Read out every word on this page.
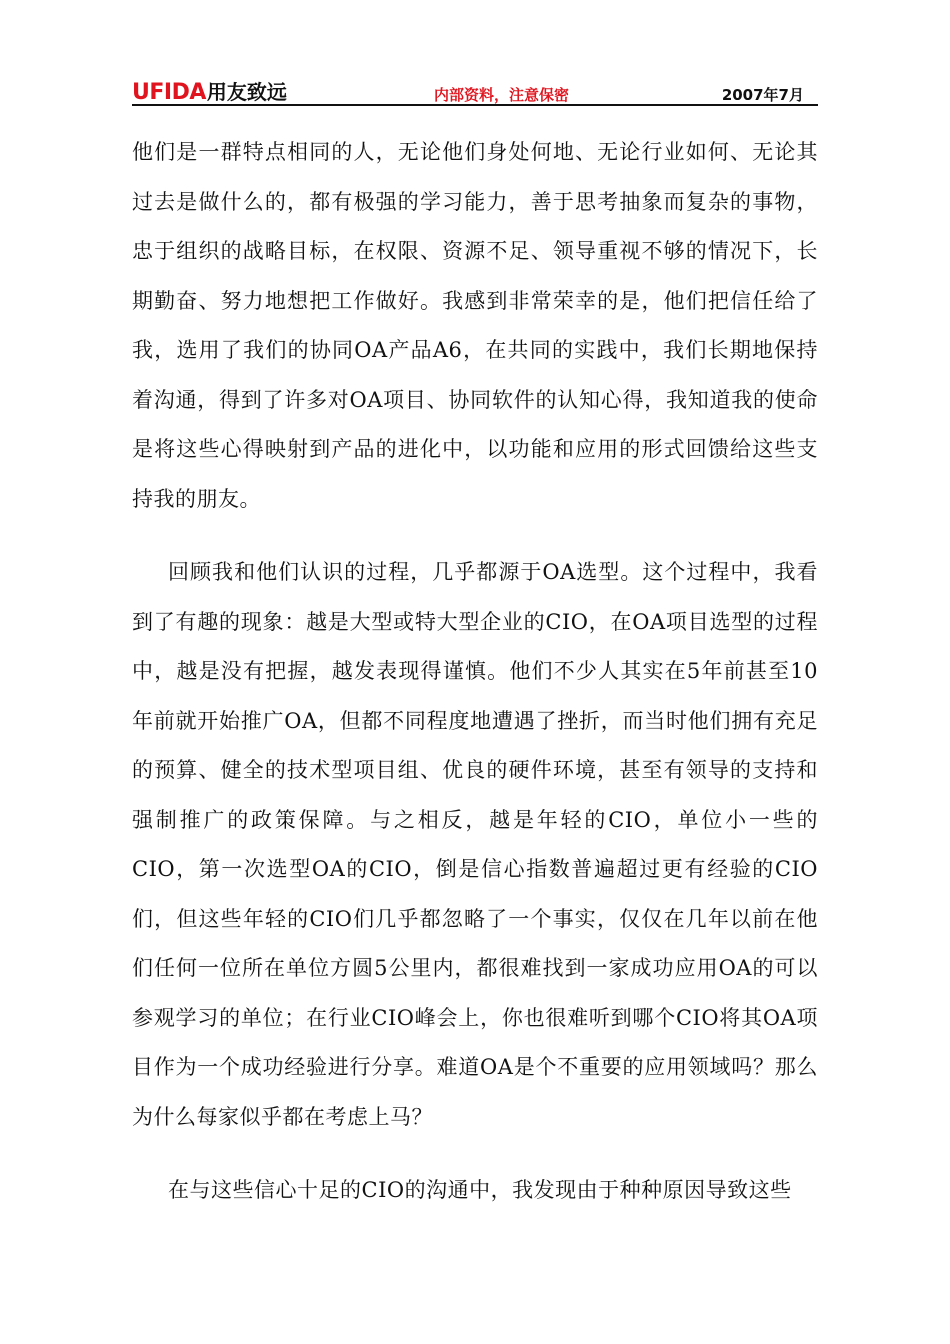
UFIDA 用友致远	内部资料，注意保密	2007年7月

他们是一群特点相同的人，无论他们身处何地、无论行业如何、无论其过去是做什么的，都有极强的学习能力，善于思考抽象而复杂的事物，忠于组织的战略目标，在权限、资源不足、领导重视不够的情况下，长期勤奋、努力地想把工作做好。我感到非常荣幸的是，他们把信任给了我，选用了我们的协同OA产品A6，在共同的实践中，我们长期地保持着沟通，得到了许多对OA项目、协同软件的认知心得，我知道我的使命是将这些心得映射到产品的进化中，以功能和应用的形式回馈给这些支持我的朋友。

回顾我和他们认识的过程，几乎都源于OA选型。这个过程中，我看到了有趣的现象：越是大型或特大型企业的CIO，在OA项目选型的过程中，越是没有把握，越发表现得谨慎。他们不少人其实在5年前甚至10年前就开始推广OA，但都不同程度地遭遇了挫折，而当时他们拥有充足的预算、健全的技术型项目组、优良的硬件环境，甚至有领导的支持和强制推广的政策保障。与之相反，越是年轻的CIO，单位小一些的CIO，第一次选型OA的CIO，倒是信心指数普遍超过更有经验的CIO们，但这些年轻的CIO们几乎都忽略了一个事实，仅仅在几年以前在他们任何一位所在单位方圆5公里内，都很难找到一家成功应用OA的可以参观学习的单位；在行业CIO峰会上，你也很难听到哪个CIO将其OA项目作为一个成功经验进行分享。难道OA是个不重要的应用领域吗？那么为什么每家似乎都在考虑上马？

在与这些信心十足的CIO的沟通中，我发现由于种种原因导致这些
